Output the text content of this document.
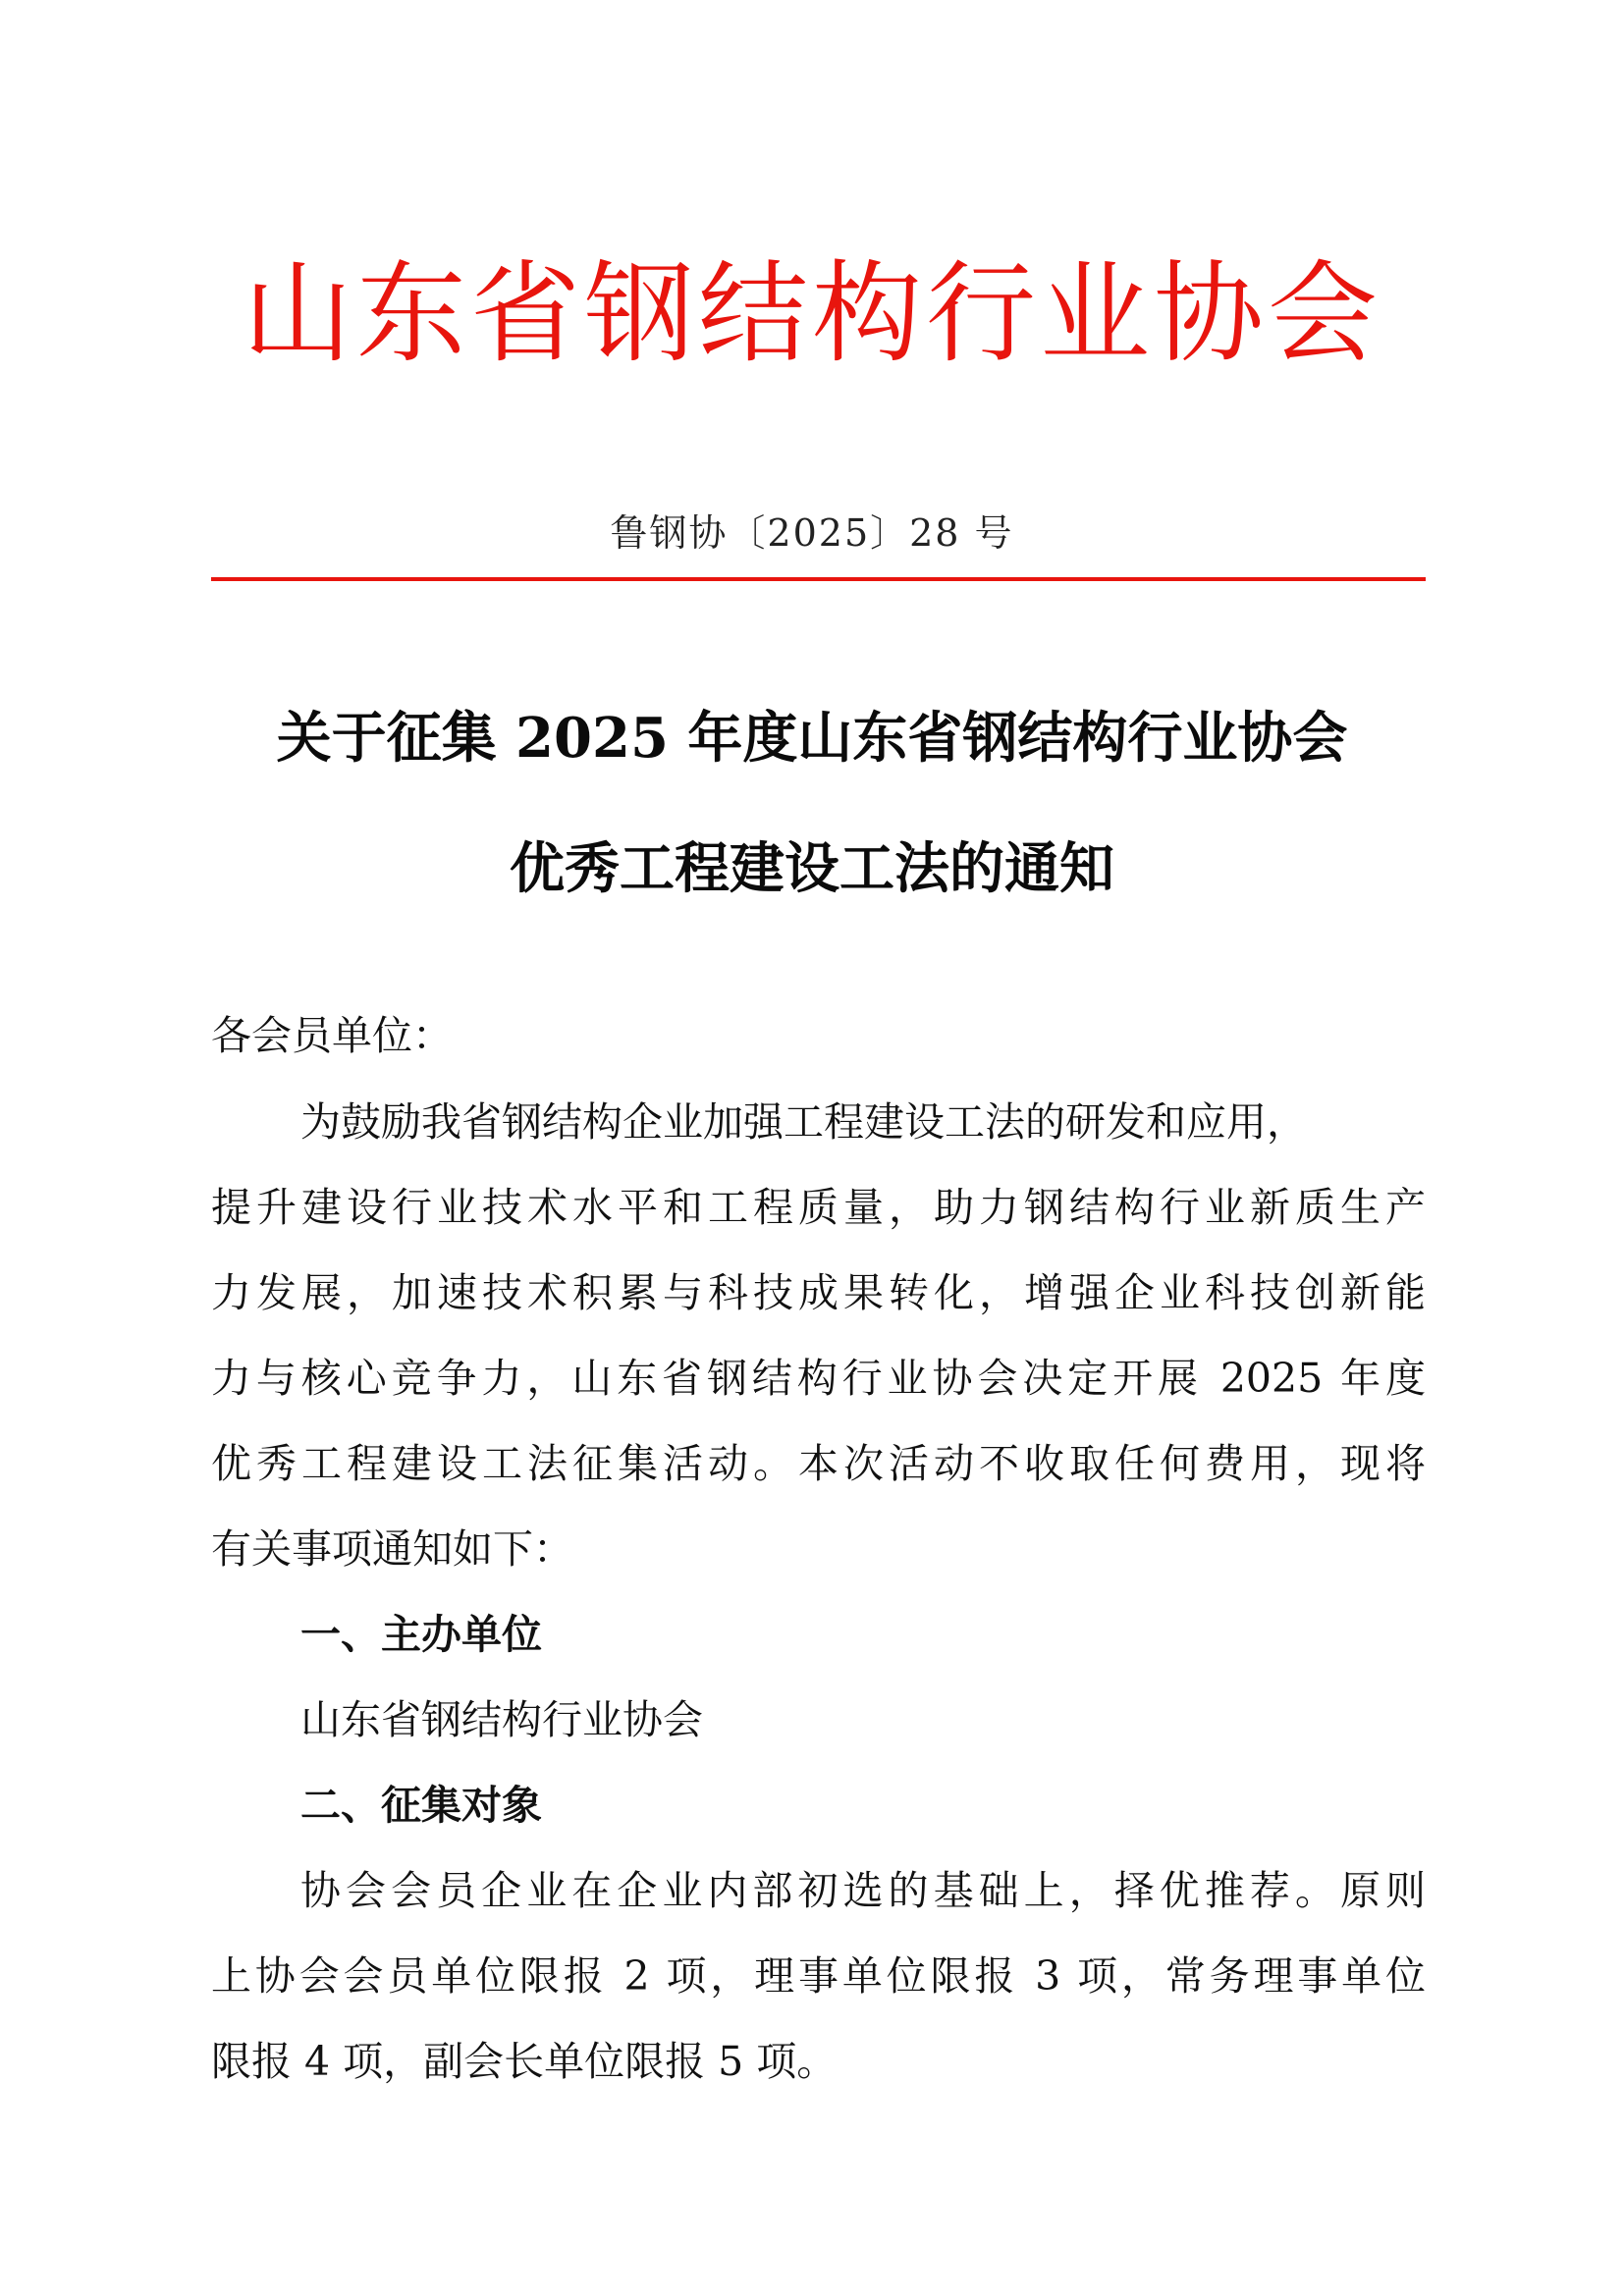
山东省钢结构行业协会
鲁钢协〔2025〕28 号
关于征集 2025 年度山东省钢结构行业协会
优秀工程建设工法的通知
各会员单位：
为鼓励我省钢结构企业加强工程建设工法的研发和应用，
提升建设行业技术水平和工程质量，助力钢结构行业新质生产
力发展，加速技术积累与科技成果转化，增强企业科技创新能
力与核心竞争力，山东省钢结构行业协会决定开展 2025 年度
优秀工程建设工法征集活动。本次活动不收取任何费用，现将
有关事项通知如下：
一、主办单位
山东省钢结构行业协会
二、征集对象
协会会员企业在企业内部初选的基础上，择优推荐。原则
上协会会员单位限报 2 项，理事单位限报 3 项，常务理事单位
限报 4 项，副会长单位限报 5 项。
